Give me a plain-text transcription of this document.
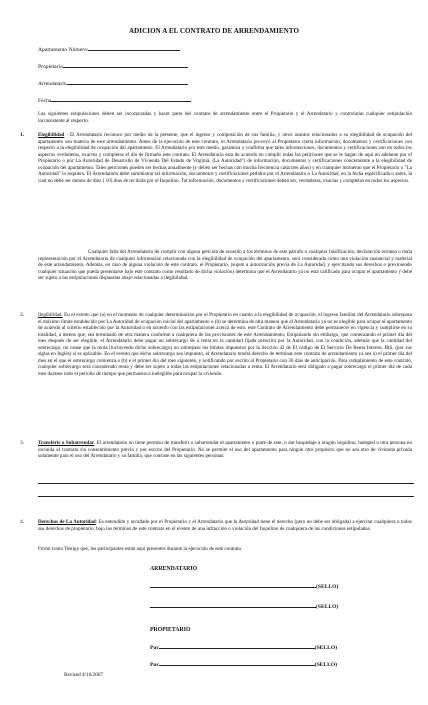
ADICION A EL CONTRATO DE ARRENDAMIENTO
Apartamento Número:
Propietario
Arrendatario
Fecha
Las siguientes estipulaciones deben ser incorporadas y hacer parte del contrato de arrendamiento entre el Propietario y el Arrendatario y controlarán cualquier estipulación inconsistente al respecto.
1.	Elegibilidad - El Arrendatario reconoce por medio de la presente, que el ingreso y composición de sus familia, y otros asuntos relacionados a su elegibilidad de ocupación del apartamento son materia de este arrendamiento. Antes de la ejecución de este contrato, el Arrendatario proveyó al Propietario cierta información, documentos y certificaciones con respecto a la elegibilidad de ocupación del apartamento. El Arrendatario por este medio, garantiza y confirma que tales informaciones, documentos y certificaciones son en todos los aspectos verdaderos, exactos y completos el día de firmado este contrato. El Arrendatario esta de acuerdo en cumplir todas las peticiones que se le hagan de aquí en adelante por el Propietario o por La Autoridad de Desarrollo de Vivienda Del Estado de Virginia, (La Autoridad") de información, documentos y certificaciones concerniente a la elegibilidad de ocupación del apartamento. Tales peticiones pueden ser hechas anualmente (y deben ser hechas con mucha frecuencia cada tres años) y en cualquier momento que el Propietario o "La Autoridad" lo requiera. El Arrendatario debe suministrar tal información, documentos y certificaciones pedidos por el Arrendatario o La Autoridad, en la fecha especificada o antes, la cual no debe ser menos de diez ( 10) días de recibida por el Inquilino. Tal información, documentos y certificaciones deben ser, verdaderas, exactas y completas en todos los aspectos.
Cualquier falta del Arrendatario de cumplir con alguna petición de acuerdo a los términos de este párrafo o cualquier falsificación, declaración errónea o mala representación por el Arrendatario de cualquier información relacionada con la elegibilidad de ocupación del apartamento, será considerada como una violación sustancial y material de este arrendamiento. Además, en caso de alguna violación de este contrato, el Propietario, (sujeto a autorización previa de La Autoridad, y ejercitando sus derechos o previniendo cualquier situación que pueda presentarse bajo este contrato como resultado de dicha violación) determina que el Arrendatario ya no está calificado para ocupar el apartamento y debe ser sujeto a las estipulaciones dispuestas abajo relacionadas a ilegibilidad.
2.	Ilegibilidad. En el evento que (a) en el momento de cualquier determinación por el Propietario en cuanto a la elegibilidad de ocupación, el ingreso familiar del Arrendatario sobrepasa el máximo límite establecido por La Autoridad de ocupación inicial del apartamento o (b) se determina de otra manera que el Arrendatario ya no es elegible para ocupar el apartamento de acuerdo al criterio establecido por la Autoridad o en acuerdo con las estipulaciones acerca de esto, este Contrato de Arrendamiento debe permanecer en vigencia y cumplirse en su totalidad, a menos que, sea terminado de otra manera conforme a cualquiera de las provisiones de este Arrendamiento; Estipulando sin embargo, que comenzando el primer día del mes después de ser elegible, el Arrendatario debe pagar un sobrecargo de a renta en la cantidad fijada prescrita por la Autoridad, con la condición, además que la cantidad del sobrecargo, no cause que la renta (incluyendo dicho sobrecargo) no sobrepase los límites impuestos por la Sección 42 de El código de El Servicio De Renta Interno, IRS, (por sus siglas en Inglés) si es aplicable. En el evento que dicho sobrecargo sea impuesto, el Arrendatario tendrá derecho de terminar este contrato de arrendamiento ya sea a) el primer día del mes en el que el sobrecargo comienza o (b) e el primer día del mes siguiente, y notificando por escrito al Propietario con 30 días de anticipación. Para cumplimiento de este contrato, cualquier sobrecargo será considerado renta y debe ser sujeto a todas las estipulaciones relacionadas a renta. El Arrendatario será obligado a pagar sobrecargo el primer día de cada mes durante todo el periodo de tiempo que permanezca inelegible para ocupar la vivienda.
3.	Transferir o Subarrendar. El arrendatario no tiene permiso de transferir o subarrendar el apartamento o parte de este, o dar hospedaje a ningún inquilino, huésped u otra persona no incluida al contrato sin consentimiento previo y por escrito del Propietario. No se permite el uso del apartamento para ningún otro propósito que no sea otro de vivienda privada solamente para el uso del Arrendatario y su familia, que consiste en las siguientes personas:
4.	Derechos de La Autoridad: Es entendido y acordado por el Propietario y el Arrendatario que la Autoridad tiene el derecho (pero no debe ser obligada) a ejercitar cualquiera o todos sus derechos de propietario, bajo los términos de este contrato en el evento de una infracción o violación del Inquilino de cualquiera de las condiciones estipuladas.
Firmo como Testigo que, los participantes están aquí presentes durante la ejecución de este contrato.
ARRENDATARIO
(SELLO)
(SELLO)
PROPIETARIO
Por	(SELLO)
Por	(SELLO)
Revised 4/16/2007
